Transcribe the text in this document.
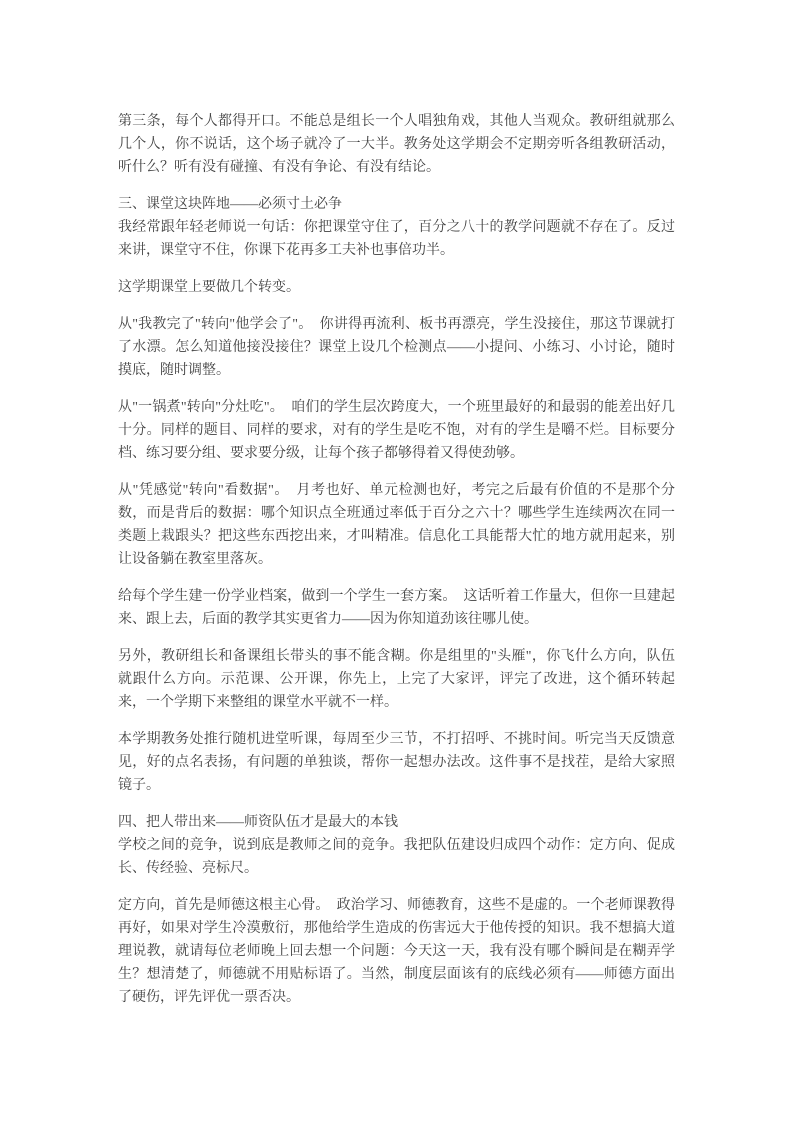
第三条，每个人都得开口。不能总是组长一个人唱独角戏，其他人当观众。教研组就那么几个人，你不说话，这个场子就冷了一大半。教务处这学期会不定期旁听各组教研活动，听什么？听有没有碰撞、有没有争论、有没有结论。

三、课堂这块阵地——必须寸土必争

我经常跟年轻老师说一句话：你把课堂守住了，百分之八十的教学问题就不存在了。反过来讲，课堂守不住，你课下花再多工夫补也事倍功半。

这学期课堂上要做几个转变。

从"我教完了"转向"他学会了"。　你讲得再流利、板书再漂亮，学生没接住，那这节课就打了水漂。怎么知道他接没接住？课堂上设几个检测点——小提问、小练习、小讨论，随时摸底，随时调整。

从"一锅煮"转向"分灶吃"。　咱们的学生层次跨度大，一个班里最好的和最弱的能差出好几十分。同样的题目、同样的要求，对有的学生是吃不饱，对有的学生是嚼不烂。目标要分档、练习要分组、要求要分级，让每个孩子都够得着又得使劲够。

从"凭感觉"转向"看数据"。　月考也好、单元检测也好，考完之后最有价值的不是那个分数，而是背后的数据：哪个知识点全班通过率低于百分之六十？哪些学生连续两次在同一类题上栽跟头？把这些东西挖出来，才叫精准。信息化工具能帮大忙的地方就用起来，别让设备躺在教室里落灰。

给每个学生建一份学业档案，做到一个学生一套方案。　这话听着工作量大，但你一旦建起来、跟上去，后面的教学其实更省力——因为你知道劲该往哪儿使。

另外，教研组长和备课组长带头的事不能含糊。你是组里的"头雁"，你飞什么方向，队伍就跟什么方向。示范课、公开课，你先上，上完了大家评，评完了改进，这个循环转起来，一个学期下来整组的课堂水平就不一样。

本学期教务处推行随机进堂听课，每周至少三节，不打招呼、不挑时间。听完当天反馈意见，好的点名表扬，有问题的单独谈，帮你一起想办法改。这件事不是找茬，是给大家照镜子。

四、把人带出来——师资队伍才是最大的本钱

学校之间的竞争，说到底是教师之间的竞争。我把队伍建设归成四个动作：定方向、促成长、传经验、亮标尺。

定方向，首先是师德这根主心骨。　政治学习、师德教育，这些不是虚的。一个老师课教得再好，如果对学生冷漠敷衍，那他给学生造成的伤害远大于他传授的知识。我不想搞大道理说教，就请每位老师晚上回去想一个问题：今天这一天，我有没有哪个瞬间是在糊弄学生？想清楚了，师德就不用贴标语了。当然，制度层面该有的底线必须有——师德方面出了硬伤，评先评优一票否决。
